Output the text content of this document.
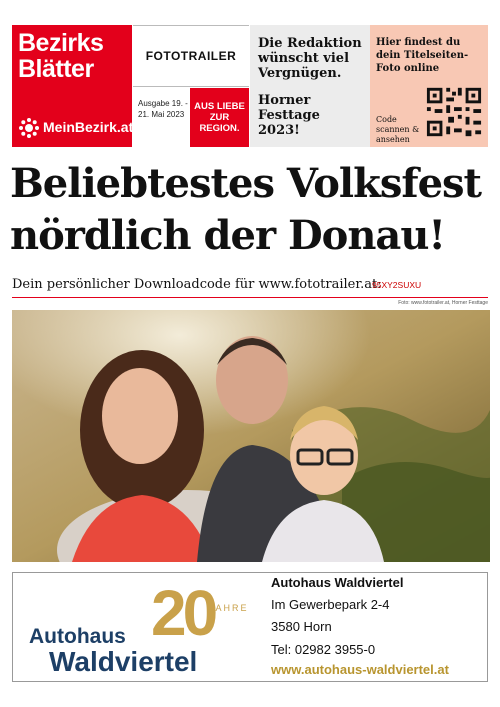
Bezirks
Blätter
MeinBezirk.at
FOTOTRAILER
Ausgabe 19. - 21. Mai 2023
AUS LIEBE ZUR REGION.
Die Redaktion wünscht viel Vergnügen.
Horner Festtage 2023!
Hier findest du dein Titelseiten-Foto online
Code scannen & ansehen
Beliebtestes Volksfest nördlich der Donau!
Dein persönlicher Downloadcode für www.fototrailer.at:
95XY2SUXU
Foto: www.fototrailer.at, Horner Festtage
20
JAHRE
Autohaus
Waldviertel
Autohaus Waldviertel
Im Gewerbepark 2-4
3580 Horn
Tel: 02982 3955-0
www.autohaus-waldviertel.at
